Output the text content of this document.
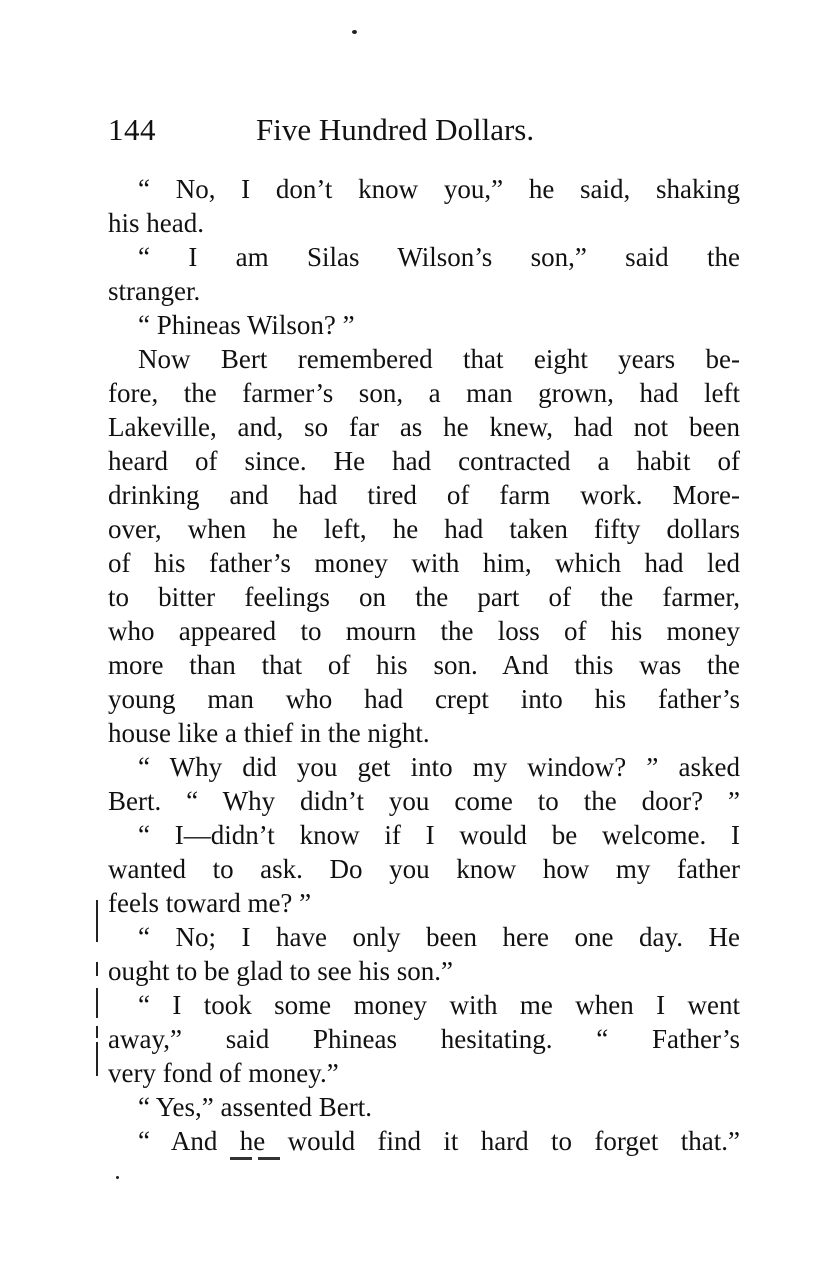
144	Five Hundred Dollars.
“ No, I don’t know you,” he said, shaking
his head.
“ I am Silas Wilson’s son,” said the
stranger.
“ Phineas Wilson? ”
Now Bert remembered that eight years be-
fore, the farmer’s son, a man grown, had left
Lakeville, and, so far as he knew, had not been
heard of since. He had contracted a habit of
drinking and had tired of farm work. More-
over, when he left, he had taken fifty dollars
of his father’s money with him, which had led
to bitter feelings on the part of the farmer,
who appeared to mourn the loss of his money
more than that of his son. And this was the
young man who had crept into his father’s
house like a thief in the night.
“ Why did you get into my window? ” asked
Bert. “ Why didn’t you come to the door? ”
“ I—didn’t know if I would be welcome. I
wanted to ask. Do you know how my father
feels toward me? ”
“ No; I have only been here one day. He
ought to be glad to see his son.”
“ I took some money with me when I went
away,” said Phineas hesitating. “ Father’s
very fond of money.”
“ Yes,” assented Bert.
“ And he would find it hard to forget that.”
